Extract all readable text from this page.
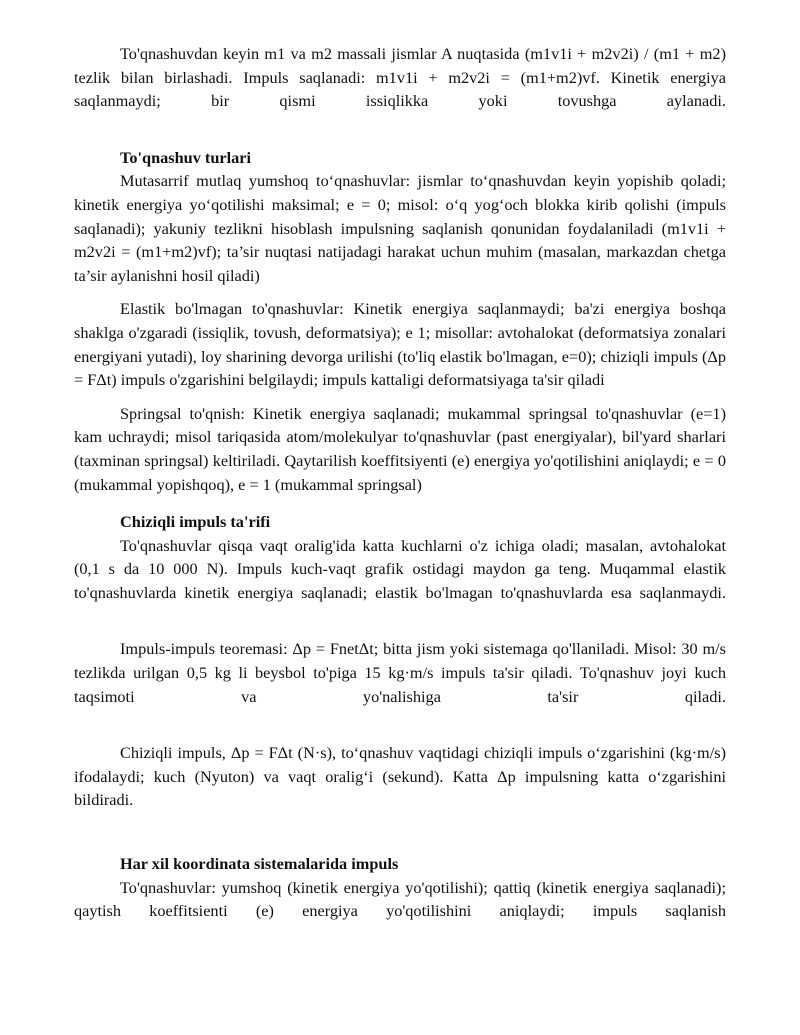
To'qnashuvdan keyin m1 va m2 massali jismlar A nuqtasida (m1v1i + m2v2i) / (m1 + m2) tezlik bilan birlashadi. Impuls saqlanadi: m1v1i + m2v2i = (m1+m2)vf. Kinetik energiya saqlanmaydi; bir qismi issiqlikka yoki tovushga aylanadi.

To'qnashuv turlari

Mutasarrif mutlaq yumshoq to‘qnashuvlar: jismlar to‘qnashuvdan keyin yopishib qoladi; kinetik energiya yo‘qotilishi maksimal; e = 0; misol: o‘q yog‘och blokka kirib qolishi (impuls saqlanadi); yakuniy tezlikni hisoblash impulsning saqlanish qonunidan foydalaniladi (m1v1i + m2v2i = (m1+m2)vf); ta’sir nuqtasi natijadagi harakat uchun muhim (masalan, markazdan chetga ta’sir aylanishni hosil qiladi)

Elastik bo'lmagan to'qnashuvlar: Kinetik energiya saqlanmaydi; ba'zi energiya boshqa shaklga o'zgaradi (issiqlik, tovush, deformatsiya); e 1; misollar: avtohalokat (deformatsiya zonalari energiyani yutadi), loy sharining devorga urilishi (to'liq elastik bo'lmagan, e=0); chiziqli impuls (Δp = FΔt) impuls o'zgarishini belgilaydi; impuls kattaligi deformatsiyaga ta'sir qiladi

Springsal to'qnish: Kinetik energiya saqlanadi; mukammal springsal to'qnashuvlar (e=1) kam uchraydi; misol tariqasida atom/molekulyar to'qnashuvlar (past energiyalar), bil'yard sharlari (taxminan springsal) keltiriladi. Qaytarilish koeffitsiyenti (e) energiya yo'qotilishini aniqlaydi; e = 0 (mukammal yopishqoq), e = 1 (mukammal springsal)

Chiziqli impuls ta'rifi

To'qnashuvlar qisqa vaqt oralig'ida katta kuchlarni o'z ichiga oladi; masalan, avtohalokat (0,1 s da 10 000 N). Impuls kuch-vaqt grafik ostidagi maydon ga teng. Muqammal elastik to'qnashuvlarda kinetik energiya saqlanadi; elastik bo'lmagan to'qnashuvlarda esa saqlanmaydi.

Impuls-impuls teoremasi: Δp = FnetΔt; bitta jism yoki sistemaga qo'llaniladi. Misol: 30 m/s tezlikda urilgan 0,5 kg li beysbol to'piga 15 kg·m/s impuls ta'sir qiladi. To'qnashuv joyi kuch taqsimoti va yo'nalishiga ta'sir qiladi.

Chiziqli impuls, Δp = FΔt (N·s), to‘qnashuv vaqtidagi chiziqli impuls o‘zgarishini (kg·m/s) ifodalaydi; kuch (Nyuton) va vaqt oralig‘i (sekund). Katta Δp impulsning katta o‘zgarishini bildiradi.

Har xil koordinata sistemalarida impuls

To'qnashuvlar: yumshoq (kinetik energiya yo'qotilishi); qattiq (kinetik energiya saqlanadi); qaytish koeffitsienti (e) energiya yo'qotilishini aniqlaydi; impuls saqlanish
